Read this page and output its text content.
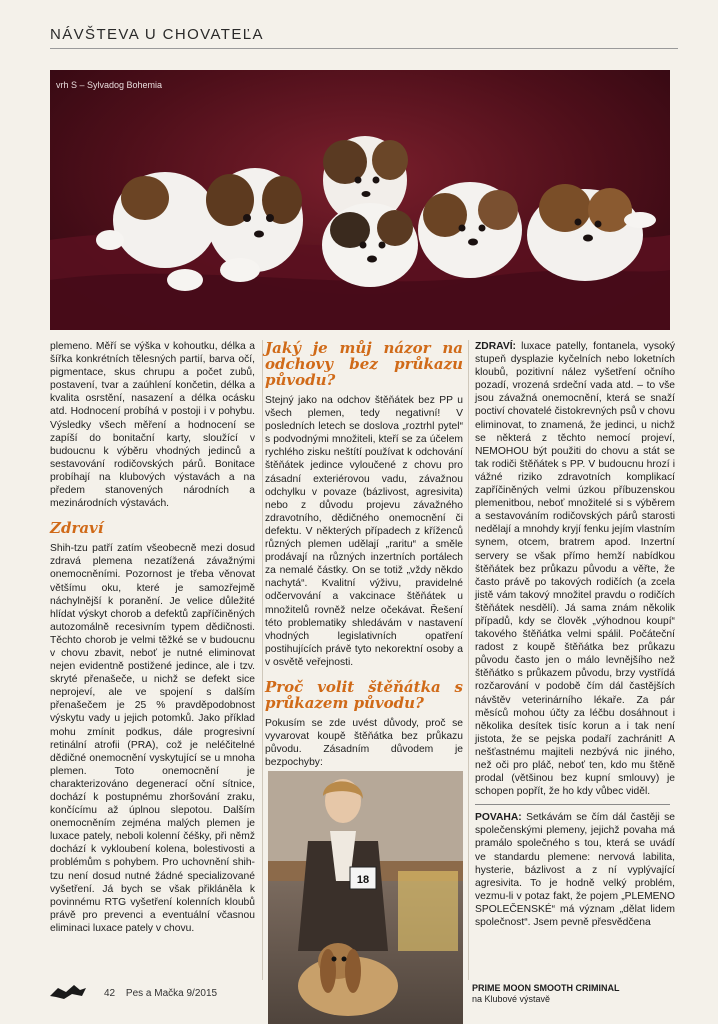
NÁVŠTEVA U CHOVATEĽA
vrh S – Sylvadog Bohemia

plemeno. Měří se výška v kohoutku, délka a šířka konkrétních tělesných partií, barva očí, pigmentace, skus chrupu a počet zubů, postavení, tvar a zaúhlení končetin, délka a kvalita osrstění, nasazení a délka ocásku atd. Hodnocení probíhá v postoji i v pohybu. Výsledky všech měření a hodnocení se zapíší do bonitační karty, sloužící v budoucnu k výběru vhodných jedinců a sestavování rodičovských párů. Bonitace probíhají na klubových výstavách a na předem stanovených národních a mezinárodních výstavách.

Zdraví

Shih-tzu patří zatím všeobecně mezi dosud zdravá plemena nezatížená závažnými onemocněními. Pozornost je třeba věnovat většímu oku, které je samozřejmě náchylnější k poranění. Je velice důležité hlídat výskyt chorob a defektů zapříčiněných autozomálně recesivním typem dědičnosti. Těchto chorob je velmi těžké se v budoucnu v chovu zbavit, neboť je nutné eliminovat nejen evidentně postižené jedince, ale i tzv. skryté přenašeče, u nichž se defekt sice neprojeví, ale ve spojení s dalším přenašečem je 25 % pravděpodobnost výskytu vady u jejich potomků. Jako příklad mohu zmínit podkus, dále progresivní retinální atrofii (PRA), což je neléčitelné dědičné onemocnění vyskytující se u mnoha plemen. Toto onemocnění je charakterizováno degenerací oční sítnice, dochází k postupnému zhoršování zraku, končícímu až úplnou slepotou. Dalším onemocněním zejména malých plemen je luxace pately, neboli kolenní čéšky, při němž dochází k vykloubení kolena, bolestivosti a problémům s pohybem. Pro uchovnění shih-tzu není dosud nutné žádné specializované vyšetření. Já bych se však přikláněla k povinnému RTG vyšetření kolenních kloubů právě pro prevenci a eventuální včasnou eliminaci luxace pately v chovu.

Jaký je můj názor na odchovy bez průkazu původu?

Stejný jako na odchov štěňátek bez PP u všech plemen, tedy negativní! V posledních letech se doslova „roztrhl pytel“ s podvodnými množiteli, kteří se za účelem rychlého zisku neštítí používat k odchování štěňátek jedince vyloučené z chovu pro zásadní exteriérovou vadu, závažnou odchylku v povaze (bázlivost, agresivita) nebo z důvodu projevu závažného zdravotního, dědičného onemocnění či defektu. V některých případech z kříženců různých plemen udělají „raritu“ a směle prodávají na různých inzertních portálech za nemalé částky. On se totiž „vždy někdo nachytá“. Kvalitní výživu, pravidelné odčervování a vakcinace štěňátek u množitelů rovněž nelze očekávat. Řešení této problematiky shledávám v nastavení vhodných legislativních opatření postihujících právě tyto nekorektní osoby a v osvětě veřejnosti.

Proč volit štěňátka s průkazem původu?

Pokusím se zde uvést důvody, proč se vyvarovat koupě štěňátka bez průkazu původu. Zásadním důvodem je bezpochyby:

ZDRAVÍ: luxace patelly, fontanela, vysoký stupeň dysplazie kyčelních nebo loketních kloubů, pozitivní nález vyšetření očního pozadí, vrozená srdeční vada atd. – to vše jsou závažná onemocnění, která se snaží poctiví chovatelé čistokrevných psů v chovu eliminovat, to znamená, že jedinci, u nichž se některá z těchto nemocí projeví, NEMOHOU být použiti do chovu a stát se tak rodiči štěňátek s PP. V budoucnu hrozí i vážné riziko zdravotních komplikací zapříčiněných velmi úzkou příbuzenskou plemenitbou, neboť množitelé si s výběrem a sestavováním rodičovských párů starosti nedělají a mnohdy kryjí fenku jejím vlastním synem, otcem, bratrem apod. Inzertní servery se však přímo hemží nabídkou štěňátek bez průkazu původu a věřte, že často právě po takových rodičích (a zcela jistě vám takový množitel pravdu o rodičích štěňátek nesdělí). Já sama znám několik případů, kdy se člověk „výhodnou koupí“ takového štěňátka velmi spálil. Počáteční radost z koupě štěňátka bez průkazu původu často jen o málo levnějšího než štěňátko s průkazem původu, brzy vystřídá rozčarování v podobě čím dál častějších návštěv veterinárního lékaře. Za pár měsíců mohou účty za léčbu dosáhnout i několika desítek tisíc korun a i tak není jistota, že se pejska podaří zachránit! A nešťastnému majiteli nezbývá nic jiného, než oči pro pláč, neboť ten, kdo mu štěně prodal (většinou bez kupní smlouvy) je schopen popřít, že ho kdy vůbec viděl.

POVAHA: Setkávám se čím dál častěji se společenskými plemeny, jejichž povaha má pramálo společného s tou, která se uvádí ve standardu plemene: nervová labilita, hysterie, bázlivost a z ní vyplývající agresivita. To je hodně velký problém, vezmu-li v potaz fakt, že pojem „PLEMENO SPOLEČENSKÉ“ má význam „dělat lidem společnost“. Jsem pevně přesvědčena

18
PRIME MOON SMOOTH CRIMINAL
na Klubové výstavě
42 Pes a Mačka 9/2015
